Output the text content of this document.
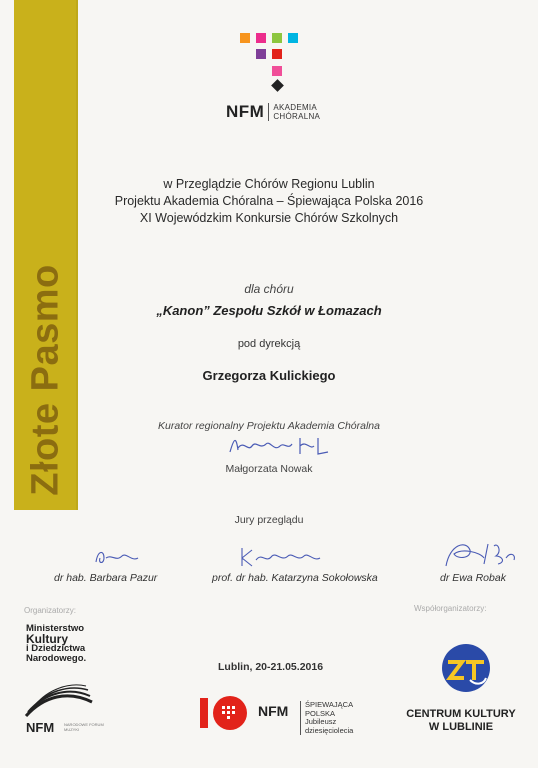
Złote Pasmo
NFM	AKADEMIA
CHÓRALNA
w Przeglądzie Chórów Regionu Lublin
Projektu Akademia Chóralna – Śpiewająca Polska 2016
XI Wojewódzkim Konkursie Chórów Szkolnych
dla chóru
„Kanon” Zespołu Szkół w Łomazach
pod dyrekcją
Grzegorza Kulickiego
Kurator regionalny Projektu Akademia Chóralna
Małgorzata Nowak
Jury przeglądu
dr hab. Barbara Pazur	prof. dr hab. Katarzyna Sokołowska	dr Ewa Robak
Organizatorzy:	Współorganizatorzy:
Ministerstwo
Kultury
i Dziedzictwa
Narodowego.
Lublin, 20-21.05.2016
NFM NARODOWE FORUM MUZYKI
NFM ŚPIEWAJĄCA
POLSKA
Jubileusz
dziesięciolecia
CENTRUM KULTURY
W LUBLINIE
